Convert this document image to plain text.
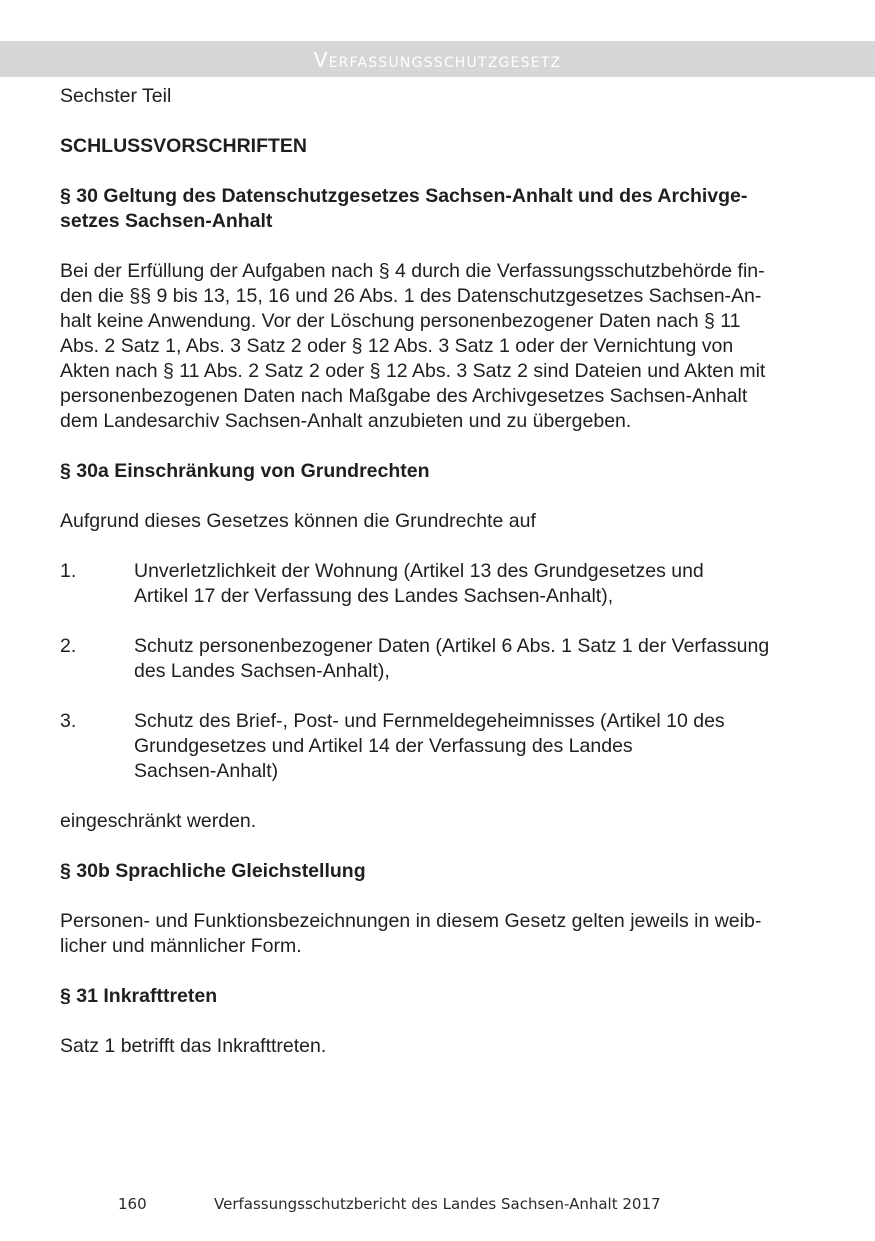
Verfassungsschutzgesetz
Sechster Teil
SCHLUSSVORSCHRIFTEN
§ 30 Geltung des Datenschutzgesetzes Sachsen-Anhalt und des Archivge-
setzes Sachsen-Anhalt
Bei der Erfüllung der Aufgaben nach § 4 durch die Verfassungsschutzbehörde fin-
den die §§ 9 bis 13, 15, 16 und 26 Abs. 1 des Datenschutzgesetzes Sachsen-An-
halt keine Anwendung. Vor der Löschung personenbezogener Daten nach § 11
Abs. 2 Satz 1, Abs. 3 Satz 2 oder § 12 Abs. 3 Satz 1 oder der Vernichtung von
Akten nach § 11 Abs. 2 Satz 2 oder § 12 Abs. 3 Satz 2 sind Dateien und Akten mit
personenbezogenen Daten nach Maßgabe des Archivgesetzes Sachsen-Anhalt
dem Landesarchiv Sachsen-Anhalt anzubieten und zu übergeben.
§ 30a Einschränkung von Grundrechten
Aufgrund dieses Gesetzes können die Grundrechte auf
1.	Unverletzlichkeit der Wohnung (Artikel 13 des Grundgesetzes und
Artikel 17 der Verfassung des Landes Sachsen-Anhalt),
2.	Schutz personenbezogener Daten (Artikel 6 Abs. 1 Satz 1 der Verfassung
des Landes Sachsen-Anhalt),
3.	Schutz des Brief-, Post- und Fernmeldegeheimnisses (Artikel 10 des
Grundgesetzes und Artikel 14 der Verfassung des Landes
Sachsen-Anhalt)
eingeschränkt werden.
§ 30b Sprachliche Gleichstellung
Personen- und Funktionsbezeichnungen in diesem Gesetz gelten jeweils in weib-
licher und männlicher Form.
§ 31 Inkrafttreten
Satz 1 betrifft das Inkrafttreten.
160	Verfassungsschutzbericht des Landes Sachsen-Anhalt 2017
